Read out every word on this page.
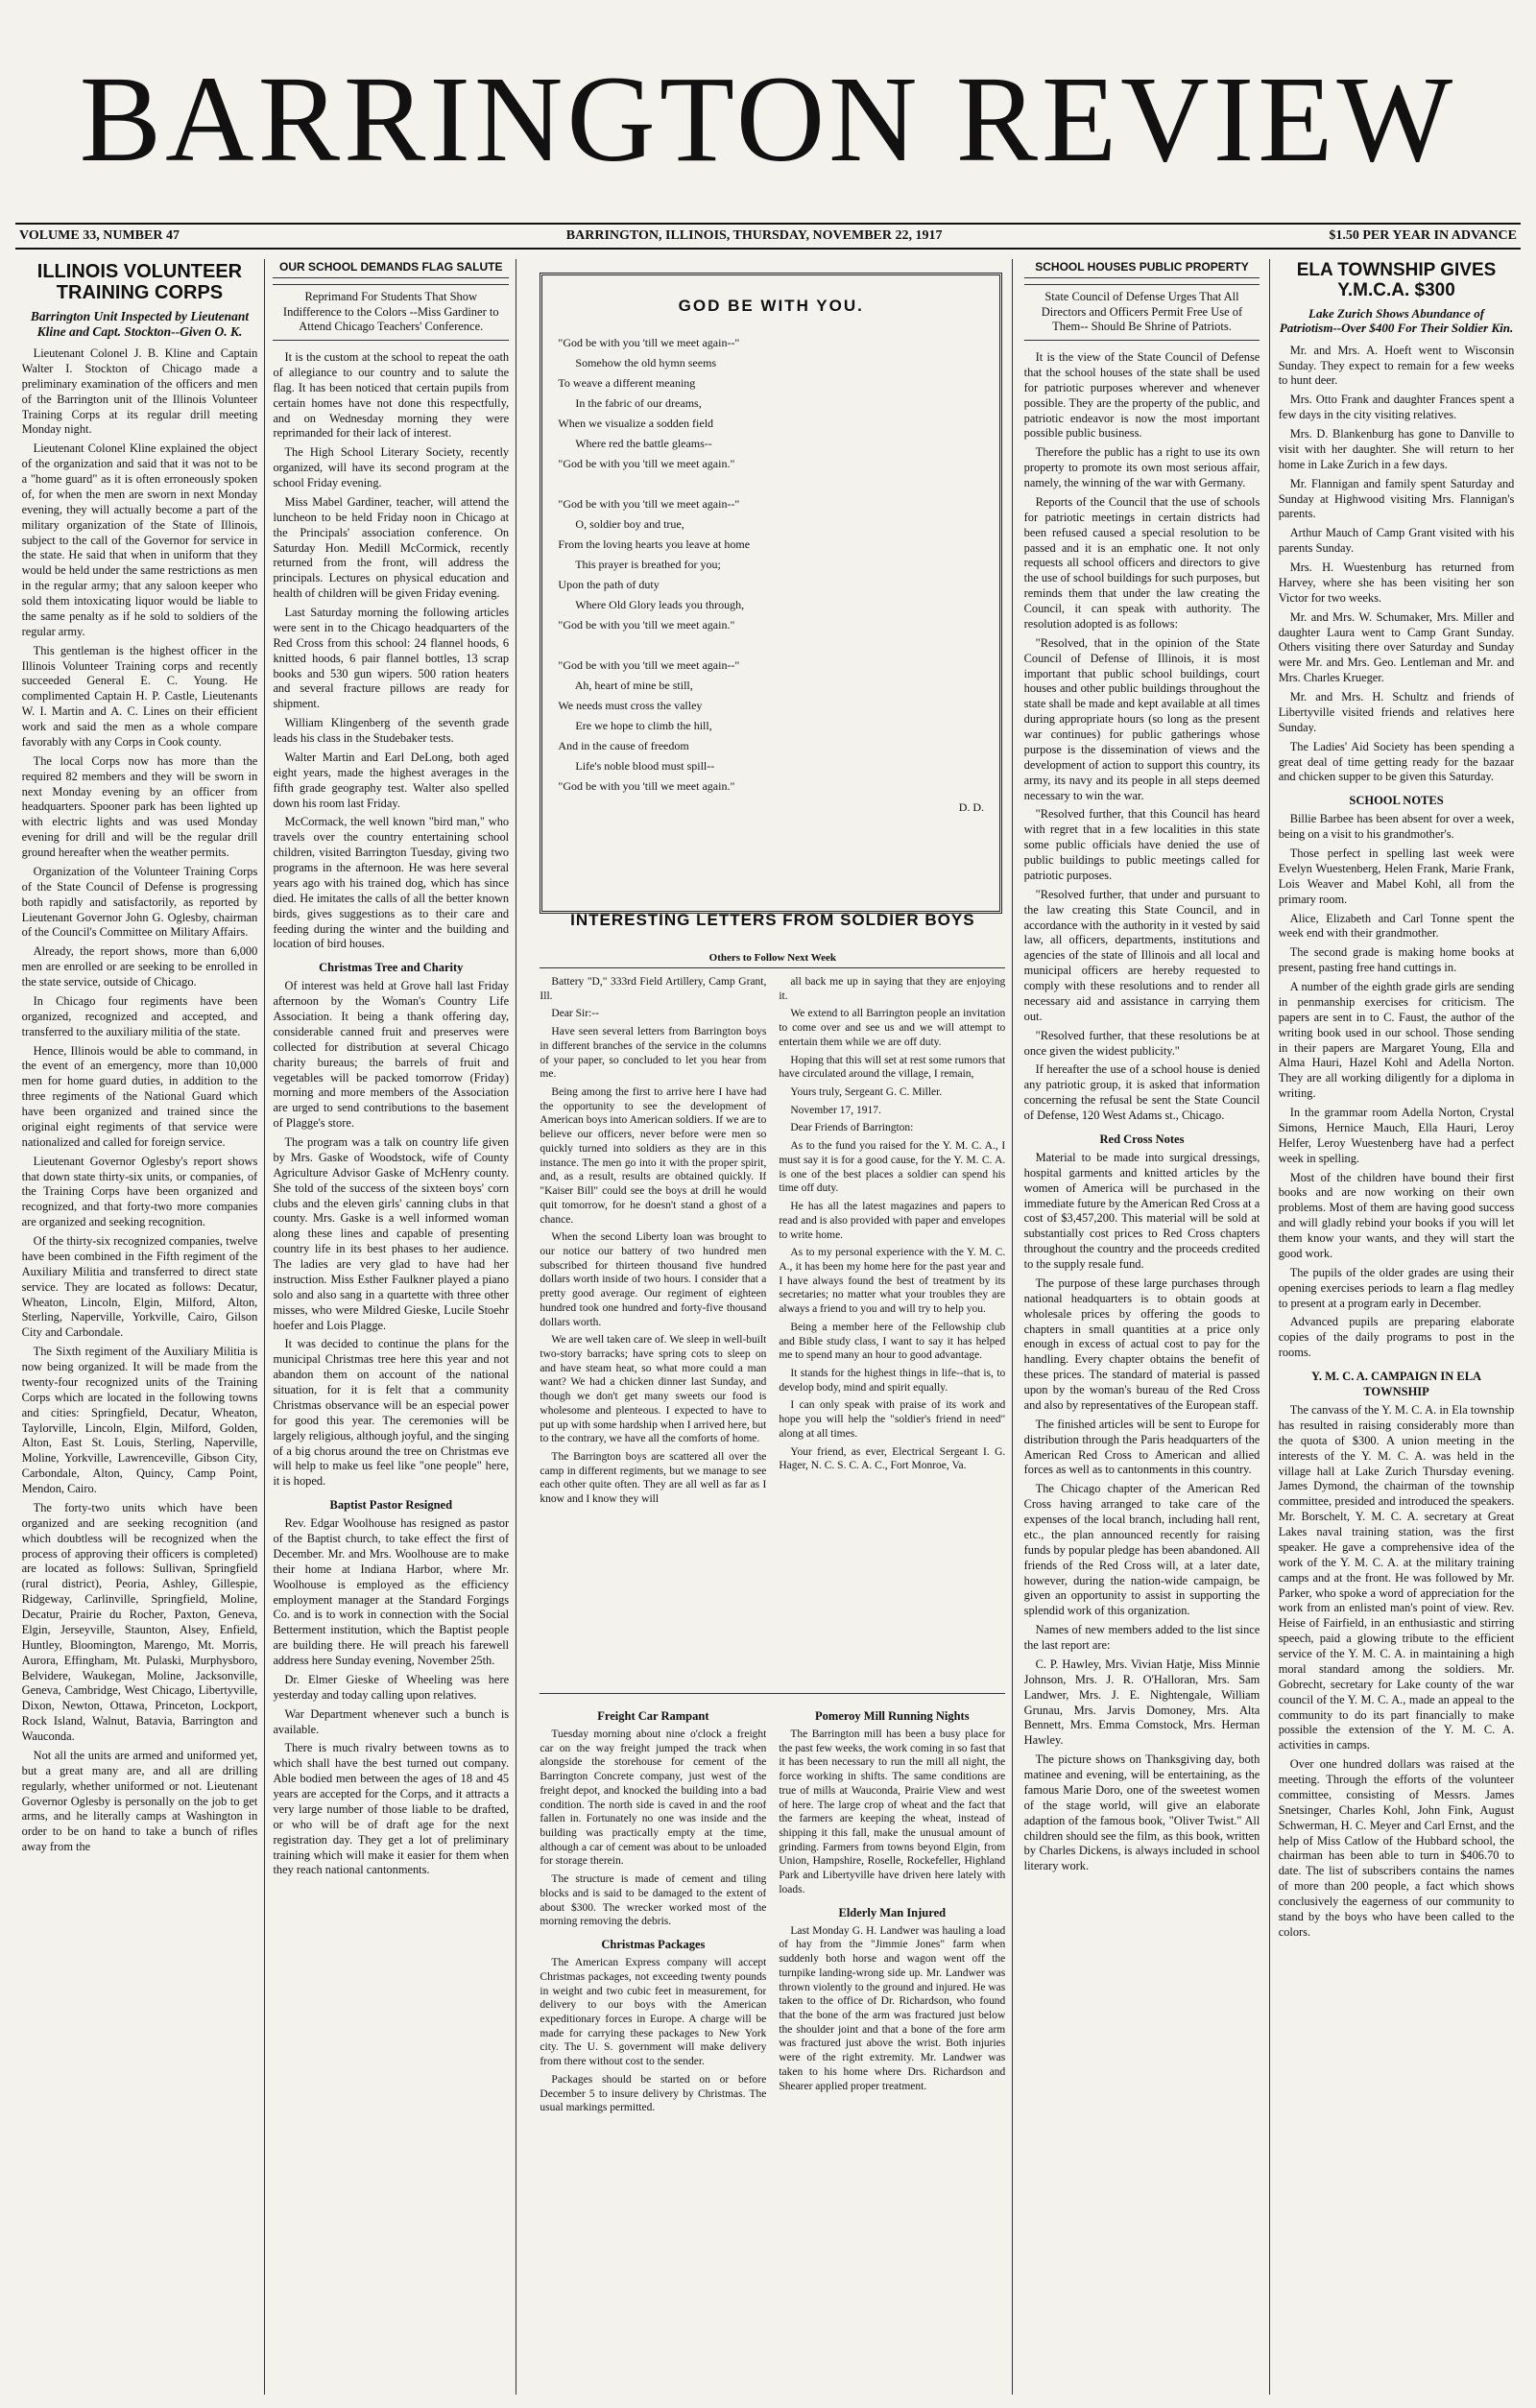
BARRINGTON REVIEW
VOLUME 33, NUMBER 47	BARRINGTON, ILLINOIS, THURSDAY, NOVEMBER 22, 1917	$1.50 PER YEAR IN ADVANCE
ILLINOIS VOLUNTEER TRAINING CORPS
Barrington Unit Inspected by Lieutenant Kline and Capt. Stockton--Given O. K.

Lieutenant Colonel J. B. Kline and Captain Walter I. Stockton of Chicago made a preliminary examination of the officers and men of the Barrington unit of the Illinois Volunteer Training Corps at its regular drill meeting Monday night.

Lieutenant Colonel Kline explained the object of the organization and said that it was not to be a "home guard" as it is often erroneously spoken of, for when the men are sworn in next Monday evening, they will actually become a part of the military organization of the State of Illinois, subject to the call of the Governor for service in the state. He said that when in uniform that they would be held under the same restrictions as men in the regular army; that any saloon keeper who sold them intoxicating liquor would be liable to the same penalty as if he sold to soldiers of the regular army.

This gentleman is the highest officer in the Illinois Volunteer Training corps and recently succeeded General E. C. Young. He complimented Captain H. P. Castle, Lieutenants W. I. Martin and A. C. Lines on their efficient work and said the men as a whole compare favorably with any Corps in Cook county.

The local Corps now has more than the required 82 members and they will be sworn in next Monday evening by an officer from headquarters. Spooner park has been lighted up with electric lights and was used Monday evening for drill and will be the regular drill ground hereafter when the weather permits.

Organization of the Volunteer Training Corps of the State Council of Defense is progressing both rapidly and satisfactorily, as reported by Lieutenant Governor John G. Oglesby, chairman of the Council's Committee on Military Affairs.

Already, the report shows, more than 6,000 men are enrolled or are seeking to be enrolled in the state service, outside of Chicago.

In Chicago four regiments have been organized, recognized and accepted, and transferred to the auxiliary militia of the state.

Hence, Illinois would be able to command, in the event of an emergency, more than 10,000 men for home guard duties, in addition to the three regiments of the National Guard which have been organized and trained since the original eight regiments of that service were nationalized and called for foreign service.

Lieutenant Governor Oglesby's report shows that down state thirty-six units, or companies, of the Training Corps have been organized and recognized, and that forty-two more companies are organized and seeking recognition.

Of the thirty-six recognized companies, twelve have been combined in the Fifth regiment of the Auxiliary Militia and transferred to direct state service. They are located as follows: Decatur, Wheaton, Lincoln, Elgin, Milford, Alton, Sterling, Naperville, Yorkville, Cairo, Gilson City and Carbondale.

The Sixth regiment of the Auxiliary Militia is now being organized. It will be made from the twenty-four recognized units of the Training Corps which are located in the following towns and cities: Springfield, Decatur, Wheaton, Taylorville, Lincoln, Elgin, Milford, Golden, Alton, East St. Louis, Sterling, Naperville, Moline, Yorkville, Lawrenceville, Gibson City, Carbondale, Alton, Quincy, Camp Point, Mendon, Cairo.

The forty-two units which have been organized and are seeking recognition (and which doubtless will be recognized when the process of approving their officers is completed) are located as follows: Sullivan, Springfield (rural district), Peoria, Ashley, Gillespie, Ridgeway, Carlinville, Springfield, Moline, Decatur, Prairie du Rocher, Paxton, Geneva, Elgin, Jerseyville, Staunton, Alsey, Enfield, Huntley, Bloomington, Marengo, Mt. Morris, Aurora, Effingham, Mt. Pulaski, Murphysboro, Belvidere, Waukegan, Moline, Jacksonville, Geneva, Cambridge, West Chicago, Libertyville, Dixon, Newton, Ottawa, Princeton, Lockport, Rock Island, Walnut, Batavia, Barrington and Wauconda.

Not all the units are armed and uniformed yet, but a great many are, and all are drilling regularly, whether uniformed or not. Lieutenant Governor Oglesby is personally on the job to get arms, and he literally camps at Washington in order to be on hand to take a bunch of rifles away from the

OUR SCHOOL DEMANDS FLAG SALUTE
Reprimand For Students That Show Indifference to the Colors --Miss Gardiner to Attend Chicago Teachers' Conference.

It is the custom at the school to repeat the oath of allegiance to our country and to salute the flag. It has been noticed that certain pupils from certain homes have not done this respectfully, and on Wednesday morning they were reprimanded for their lack of interest.

The High School Literary Society, recently organized, will have its second program at the school Friday evening.

Miss Mabel Gardiner, teacher, will attend the luncheon to be held Friday noon in Chicago at the Principals' association conference. On Saturday Hon. Medill McCormick, recently returned from the front, will address the principals. Lectures on physical education and health of children will be given Friday evening.

Last Saturday morning the following articles were sent in to the Chicago headquarters of the Red Cross from this school: 24 flannel hoods, 6 knitted hoods, 6 pair flannel bottles, 13 scrap books and 530 gun wipers. 500 ration heaters and several fracture pillows are ready for shipment.

William Klingenberg of the seventh grade leads his class in the Studebaker tests.

Walter Martin and Earl DeLong, both aged eight years, made the highest averages in the fifth grade geography test. Walter also spelled down his room last Friday.

McCormack, the well known "bird man," who travels over the country entertaining school children, visited Barrington Tuesday, giving two programs in the afternoon. He was here several years ago with his trained dog, which has since died. He imitates the calls of all the better known birds, gives suggestions as to their care and feeding during the winter and the building and location of bird houses.

Christmas Tree and Charity

Of interest was held at Grove hall last Friday afternoon by the Woman's Country Life Association. It being a thank offering day, considerable canned fruit and preserves were collected for distribution at several Chicago charity bureaus; the barrels of fruit and vegetables will be packed tomorrow (Friday) morning and more members of the Association are urged to send contributions to the basement of Plagge's store.

The program was a talk on country life given by Mrs. Gaske of Woodstock, wife of County Agriculture Advisor Gaske of McHenry county. She told of the success of the sixteen boys' corn clubs and the eleven girls' canning clubs in that county. Mrs. Gaske is a well informed woman along these lines and capable of presenting country life in its best phases to her audience. The ladies are very glad to have had her instruction. Miss Esther Faulkner played a piano solo and also sang in a quartette with three other misses, who were Mildred Gieske, Lucile Stoehr hoefer and Lois Plagge.

It was decided to continue the plans for the municipal Christmas tree here this year and not abandon them on account of the national situation, for it is felt that a community Christmas observance will be an especial power for good this year. The ceremonies will be largely religious, although joyful, and the singing of a big chorus around the tree on Christmas eve will help to make us feel like "one people" here, it is hoped.

Baptist Pastor Resigned

Rev. Edgar Woolhouse has resigned as pastor of the Baptist church, to take effect the first of December. Mr. and Mrs. Woolhouse are to make their home at Indiana Harbor, where Mr. Woolhouse is employed as the efficiency employment manager at the Standard Forgings Co. and is to work in connection with the Social Betterment institution, which the Baptist people are building there. He will preach his farewell address here Sunday evening, November 25th.

Dr. Elmer Gieske of Wheeling was here yesterday and today calling upon relatives.

War Department whenever such a bunch is available.

There is much rivalry between towns as to which shall have the best turned out company. Able bodied men between the ages of 18 and 45 years are accepted for the Corps, and it attracts a very large number of those liable to be drafted, or who will be of draft age for the next registration day. They get a lot of preliminary training which will make it easier for them when they reach national cantonments.

GOD BE WITH YOU.
"God be with you 'till we meet again--"
Somehow the old hymn seems
To weave a different meaning
In the fabric of our dreams,
When we visualize a sodden field
Where red the battle gleams--
"God be with you 'till we meet again."

"God be with you 'till we meet again--"
O, soldier boy and true,
From the loving hearts you leave at home
This prayer is breathed for you;
Upon the path of duty
Where Old Glory leads you through,
"God be with you 'till we meet again."

"God be with you 'till we meet again--"
Ah, heart of mine be still,
We needs must cross the valley
Ere we hope to climb the hill,
And in the cause of freedom
Life's noble blood must spill--
"God be with you 'till we meet again."
D. D.
INTERESTING LETTERS FROM SOLDIER BOYS
Others to Follow Next Week

Battery "D," 333rd Field Artillery, Camp Grant, Ill.

Dear Sir:--

Have seen several letters from Barrington boys in different branches of the service in the columns of your paper, so concluded to let you hear from me.

Being among the first to arrive here I have had the opportunity to see the development of American boys into American soldiers. If we are to believe our officers, never before were men so quickly turned into soldiers as they are in this instance. The men go into it with the proper spirit, and, as a result, results are obtained quickly. If "Kaiser Bill" could see the boys at drill he would quit tomorrow, for he doesn't stand a ghost of a chance.

When the second Liberty loan was brought to our notice our battery of two hundred men subscribed for thirteen thousand five hundred dollars worth inside of two hours. I consider that a pretty good average. Our regiment of eighteen hundred took one hundred and forty-five thousand dollars worth.

We are well taken care of. We sleep in well-built two-story barracks; have spring cots to sleep on and have steam heat, so what more could a man want? We had a chicken dinner last Sunday, and though we don't get many sweets our food is wholesome and plenteous. I expected to have to put up with some hardship when I arrived here, but to the contrary, we have all the comforts of home.

The Barrington boys are scattered all over the camp in different regiments, but we manage to see each other quite often. They are all well as far as I know and I know they will

all back me up in saying that they are enjoying it.

We extend to all Barrington people an invitation to come over and see us and we will attempt to entertain them while we are off duty.

Hoping that this will set at rest some rumors that have circulated around the village, I remain,

Yours truly, Sergeant G. C. Miller.

November 17, 1917.

Dear Friends of Barrington:

As to the fund you raised for the Y. M. C. A., I must say it is for a good cause, for the Y. M. C. A. is one of the best places a soldier can spend his time off duty.

He has all the latest magazines and papers to read and is also provided with paper and envelopes to write home.

As to my personal experience with the Y. M. C. A., it has been my home here for the past year and I have always found the best of treatment by its secretaries; no matter what your troubles they are always a friend to you and will try to help you.

Being a member here of the Fellowship club and Bible study class, I want to say it has helped me to spend many an hour to good advantage.

It stands for the highest things in life--that is, to develop body, mind and spirit equally.

I can only speak with praise of its work and hope you will help the "soldier's friend in need" along at all times.

Your friend, as ever, Electrical Sergeant I. G. Hager, N. C. S. C. A. C., Fort Monroe, Va.

Freight Car Rampant

Tuesday morning about nine o'clock a freight car on the way freight jumped the track when alongside the storehouse for cement of the Barrington Concrete company, just west of the freight depot, and knocked the building into a bad condition. The north side is caved in and the roof fallen in. Fortunately no one was inside and the building was practically empty at the time, although a car of cement was about to be unloaded for storage therein.

The structure is made of cement and tiling blocks and is said to be damaged to the extent of about $300. The wrecker worked most of the morning removing the debris.

Christmas Packages

The American Express company will accept Christmas packages, not exceeding twenty pounds in weight and two cubic feet in measurement, for delivery to our boys with the American expeditionary forces in Europe. A charge will be made for carrying these packages to New York city. The U. S. government will make delivery from there without cost to the sender.

Packages should be started on or before December 5 to insure delivery by Christmas. The usual markings permitted.

Pomeroy Mill Running Nights

The Barrington mill has been a busy place for the past few weeks, the work coming in so fast that it has been necessary to run the mill all night, the force working in shifts. The same conditions are true of mills at Wauconda, Prairie View and west of here. The large crop of wheat and the fact that the farmers are keeping the wheat, instead of shipping it this fall, make the unusual amount of grinding. Farmers from towns beyond Elgin, from Union, Hampshire, Roselle, Rockefeller, Highland Park and Libertyville have driven here lately with loads.

Elderly Man Injured

Last Monday G. H. Landwer was hauling a load of hay from the "Jimmie Jones" farm when suddenly both horse and wagon went off the turnpike landing-wrong side up. Mr. Landwer was thrown violently to the ground and injured. He was taken to the office of Dr. Richardson, who found that the bone of the arm was fractured just below the shoulder joint and that a bone of the fore arm was fractured just above the wrist. Both injuries were of the right extremity. Mr. Landwer was taken to his home where Drs. Richardson and Shearer applied proper treatment.

SCHOOL HOUSES PUBLIC PROPERTY
State Council of Defense Urges That All Directors and Officers Permit Free Use of Them-- Should Be Shrine of Patriots.

It is the view of the State Council of Defense that the school houses of the state shall be used for patriotic purposes wherever and whenever possible. They are the property of the public, and patriotic endeavor is now the most important possible public business.

Therefore the public has a right to use its own property to promote its own most serious affair, namely, the winning of the war with Germany.

Reports of the Council that the use of schools for patriotic meetings in certain districts had been refused caused a special resolution to be passed and it is an emphatic one. It not only requests all school officers and directors to give the use of school buildings for such purposes, but reminds them that under the law creating the Council, it can speak with authority. The resolution adopted is as follows:

"Resolved, that in the opinion of the State Council of Defense of Illinois, it is most important that public school buildings, court houses and other public buildings throughout the state shall be made and kept available at all times during appropriate hours (so long as the present war continues) for public gatherings whose purpose is the dissemination of views and the development of action to support this country, its army, its navy and its people in all steps deemed necessary to win the war.

"Resolved further, that this Council has heard with regret that in a few localities in this state some public officials have denied the use of public buildings to public meetings called for patriotic purposes.

"Resolved further, that under and pursuant to the law creating this State Council, and in accordance with the authority in it vested by said law, all officers, departments, institutions and agencies of the state of Illinois and all local and municipal officers are hereby requested to comply with these resolutions and to render all necessary aid and assistance in carrying them out.

"Resolved further, that these resolutions be at once given the widest publicity."

If hereafter the use of a school house is denied any patriotic group, it is asked that information concerning the refusal be sent the State Council of Defense, 120 West Adams st., Chicago.

Red Cross Notes

Material to be made into surgical dressings, hospital garments and knitted articles by the women of America will be purchased in the immediate future by the American Red Cross at a cost of $3,457,200. This material will be sold at substantially cost prices to Red Cross chapters throughout the country and the proceeds credited to the supply resale fund.

The purpose of these large purchases through national headquarters is to obtain goods at wholesale prices by offering the goods to chapters in small quantities at a price only enough in excess of actual cost to pay for the handling. Every chapter obtains the benefit of these prices. The standard of material is passed upon by the woman's bureau of the Red Cross and also by representatives of the European staff.

The finished articles will be sent to Europe for distribution through the Paris headquarters of the American Red Cross to American and allied forces as well as to cantonments in this country.

The Chicago chapter of the American Red Cross having arranged to take care of the expenses of the local branch, including hall rent, etc., the plan announced recently for raising funds by popular pledge has been abandoned. All friends of the Red Cross will, at a later date, however, during the nation-wide campaign, be given an opportunity to assist in supporting the splendid work of this organization.

Names of new members added to the list since the last report are:

C. P. Hawley, Mrs. Vivian Hatje, Miss Minnie Johnson, Mrs. J. R. O'Halloran, Mrs. Sam Landwer, Mrs. J. E. Nightengale, William Grunau, Mrs. Jarvis Domoney, Mrs. Alta Bennett, Mrs. Emma Comstock, Mrs. Herman Hawley.

The picture shows on Thanksgiving day, both matinee and evening, will be entertaining, as the famous Marie Doro, one of the sweetest women of the stage world, will give an elaborate adaption of the famous book, "Oliver Twist." All children should see the film, as this book, written by Charles Dickens, is always included in school literary work.

ELA TOWNSHIP GIVES Y.M.C.A. $300
Lake Zurich Shows Abundance of Patriotism--Over $400 For Their Soldier Kin.

Mr. and Mrs. A. Hoeft went to Wisconsin Sunday. They expect to remain for a few weeks to hunt deer.

Mrs. Otto Frank and daughter Frances spent a few days in the city visiting relatives.

Mrs. D. Blankenburg has gone to Danville to visit with her daughter. She will return to her home in Lake Zurich in a few days.

Mr. Flannigan and family spent Saturday and Sunday at Highwood visiting Mrs. Flannigan's parents.

Arthur Mauch of Camp Grant visited with his parents Sunday.

Mrs. H. Wuestenburg has returned from Harvey, where she has been visiting her son Victor for two weeks.

Mr. and Mrs. W. Schumaker, Mrs. Miller and daughter Laura went to Camp Grant Sunday. Others visiting there over Saturday and Sunday were Mr. and Mrs. Geo. Lentleman and Mr. and Mrs. Charles Krueger.

Mr. and Mrs. H. Schultz and friends of Libertyville visited friends and relatives here Sunday.

The Ladies' Aid Society has been spending a great deal of time getting ready for the bazaar and chicken supper to be given this Saturday.

SCHOOL NOTES

Billie Barbee has been absent for over a week, being on a visit to his grandmother's.

Those perfect in spelling last week were Evelyn Wuestenberg, Helen Frank, Marie Frank, Lois Weaver and Mabel Kohl, all from the primary room.

Alice, Elizabeth and Carl Tonne spent the week end with their grandmother.

The second grade is making home books at present, pasting free hand cuttings in.

A number of the eighth grade girls are sending in penmanship exercises for criticism. The papers are sent in to C. Faust, the author of the writing book used in our school. Those sending in their papers are Margaret Young, Ella and Alma Hauri, Hazel Kohl and Adella Norton. They are all working diligently for a diploma in writing.

In the grammar room Adella Norton, Crystal Simons, Hernice Mauch, Ella Hauri, Leroy Helfer, Leroy Wuestenberg have had a perfect week in spelling.

Most of the children have bound their first books and are now working on their own problems. Most of them are having good success and will gladly rebind your books if you will let them know your wants, and they will start the good work.

The pupils of the older grades are using their opening exercises periods to learn a flag medley to present at a program early in December.

Advanced pupils are preparing elaborate copies of the daily programs to post in the rooms.

Y. M. C. A. CAMPAIGN IN ELA TOWNSHIP

The canvass of the Y. M. C. A. in Ela township has resulted in raising considerably more than the quota of $300. A union meeting in the interests of the Y. M. C. A. was held in the village hall at Lake Zurich Thursday evening. James Dymond, the chairman of the township committee, presided and introduced the speakers. Mr. Borschelt, Y. M. C. A. secretary at Great Lakes naval training station, was the first speaker. He gave a comprehensive idea of the work of the Y. M. C. A. at the military training camps and at the front. He was followed by Mr. Parker, who spoke a word of appreciation for the work from an enlisted man's point of view. Rev. Heise of Fairfield, in an enthusiastic and stirring speech, paid a glowing tribute to the efficient service of the Y. M. C. A. in maintaining a high moral standard among the soldiers. Mr. Gobrecht, secretary for Lake county of the war council of the Y. M. C. A., made an appeal to the community to do its part financially to make possible the extension of the Y. M. C. A. activities in camps.

Over one hundred dollars was raised at the meeting. Through the efforts of the volunteer committee, consisting of Messrs. James Snetsinger, Charles Kohl, John Fink, August Schwerman, H. C. Meyer and Carl Ernst, and the help of Miss Catlow of the Hubbard school, the chairman has been able to turn in $406.70 to date. The list of subscribers contains the names of more than 200 people, a fact which shows conclusively the eagerness of our community to stand by the boys who have been called to the colors.
